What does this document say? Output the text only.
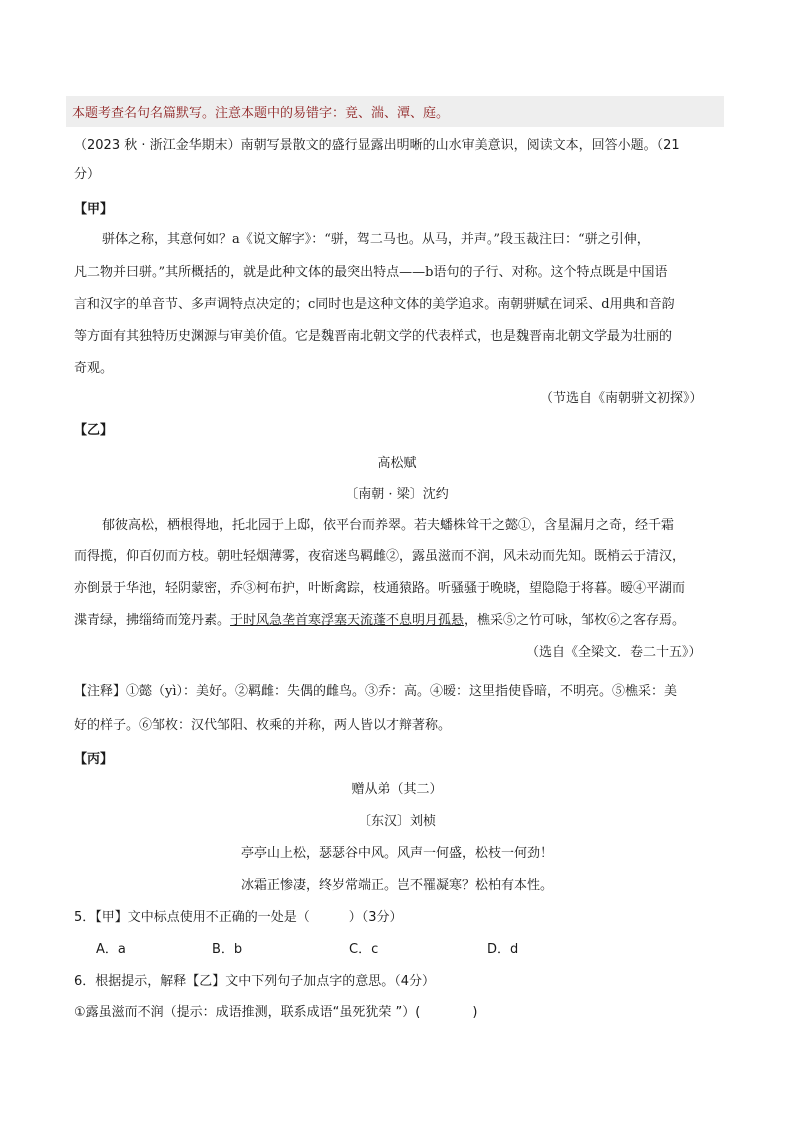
本题考查名句名篇默写。注意本题中的易错字：竟、湍、潭、庭。
（2023 秋 · 浙江金华期末）南朝写景散文的盛行显露出明晰的山水审美意识，阅读文本，回答小题。（21
分）
【甲】
骈体之称，其意何如？a《说文解字》：“骈，驾二马也。从马，并声。”段玉裁注曰：“骈之引伸，
凡二物并曰骈。”其所概括的，就是此种文体的最突出特点——b语句的子行、对称。这个特点既是中国语
言和汉字的单音节、多声调特点决定的；c同时也是这种文体的美学追求。南朝骈赋在词采、d用典和音韵
等方面有其独特历史渊源与审美价值。它是魏晋南北朝文学的代表样式，也是魏晋南北朝文学最为壮丽的
奇观。
（节选自《南朝骈文初探》）
【乙】
高松赋
〔南朝 · 梁〕沈约
郁彼高松，栖根得地，托北园于上邸，依平台而养翠。若夫蟠株耸干之懿①，含星漏月之奇，经千霜
而得揽，仰百仞而方枝。朝吐轻烟薄雾，夜宿迷鸟羁雌②，露虽滋而不润，风未动而先知。既梢云于清汉，
亦倒景于华池，轻阴蒙密，乔③柯布护，叶断禽踪，枝通猿路。听骚骚于晚晓，望隐隐于将暮。暧④平湖而
渫青绿，拂缁绮而笼丹素。于时风急垄首寒浮塞天流蓬不息明月孤悬，樵采⑤之竹可咏，邹枚⑥之客存焉。
（选自《全梁文．卷二十五》）
【注释】①懿（yì）：美好。②羁雌：失偶的雌鸟。③乔：高。④暧：这里指使昏暗，不明亮。⑤樵采：美
好的样子。⑥邹枚：汉代邹阳、枚乘的并称，两人皆以才辩著称。
【丙】
赠从弟（其二）
〔东汉〕刘桢
亭亭山上松，瑟瑟谷中风。风声一何盛，松枝一何劲！
冰霜正惨凄，终岁常端正。岂不罹凝寒？松柏有本性。
5．【甲】文中标点使用不正确的一处是（　　　）（3分）
A．a	B．b	C．c	D．d
6．根据提示，解释【乙】文中下列句子加点字的意思。（4分）
①露虽滋而不润（提示：成语推测，联系成语“虽死犹荣 ”）(　　　　)
